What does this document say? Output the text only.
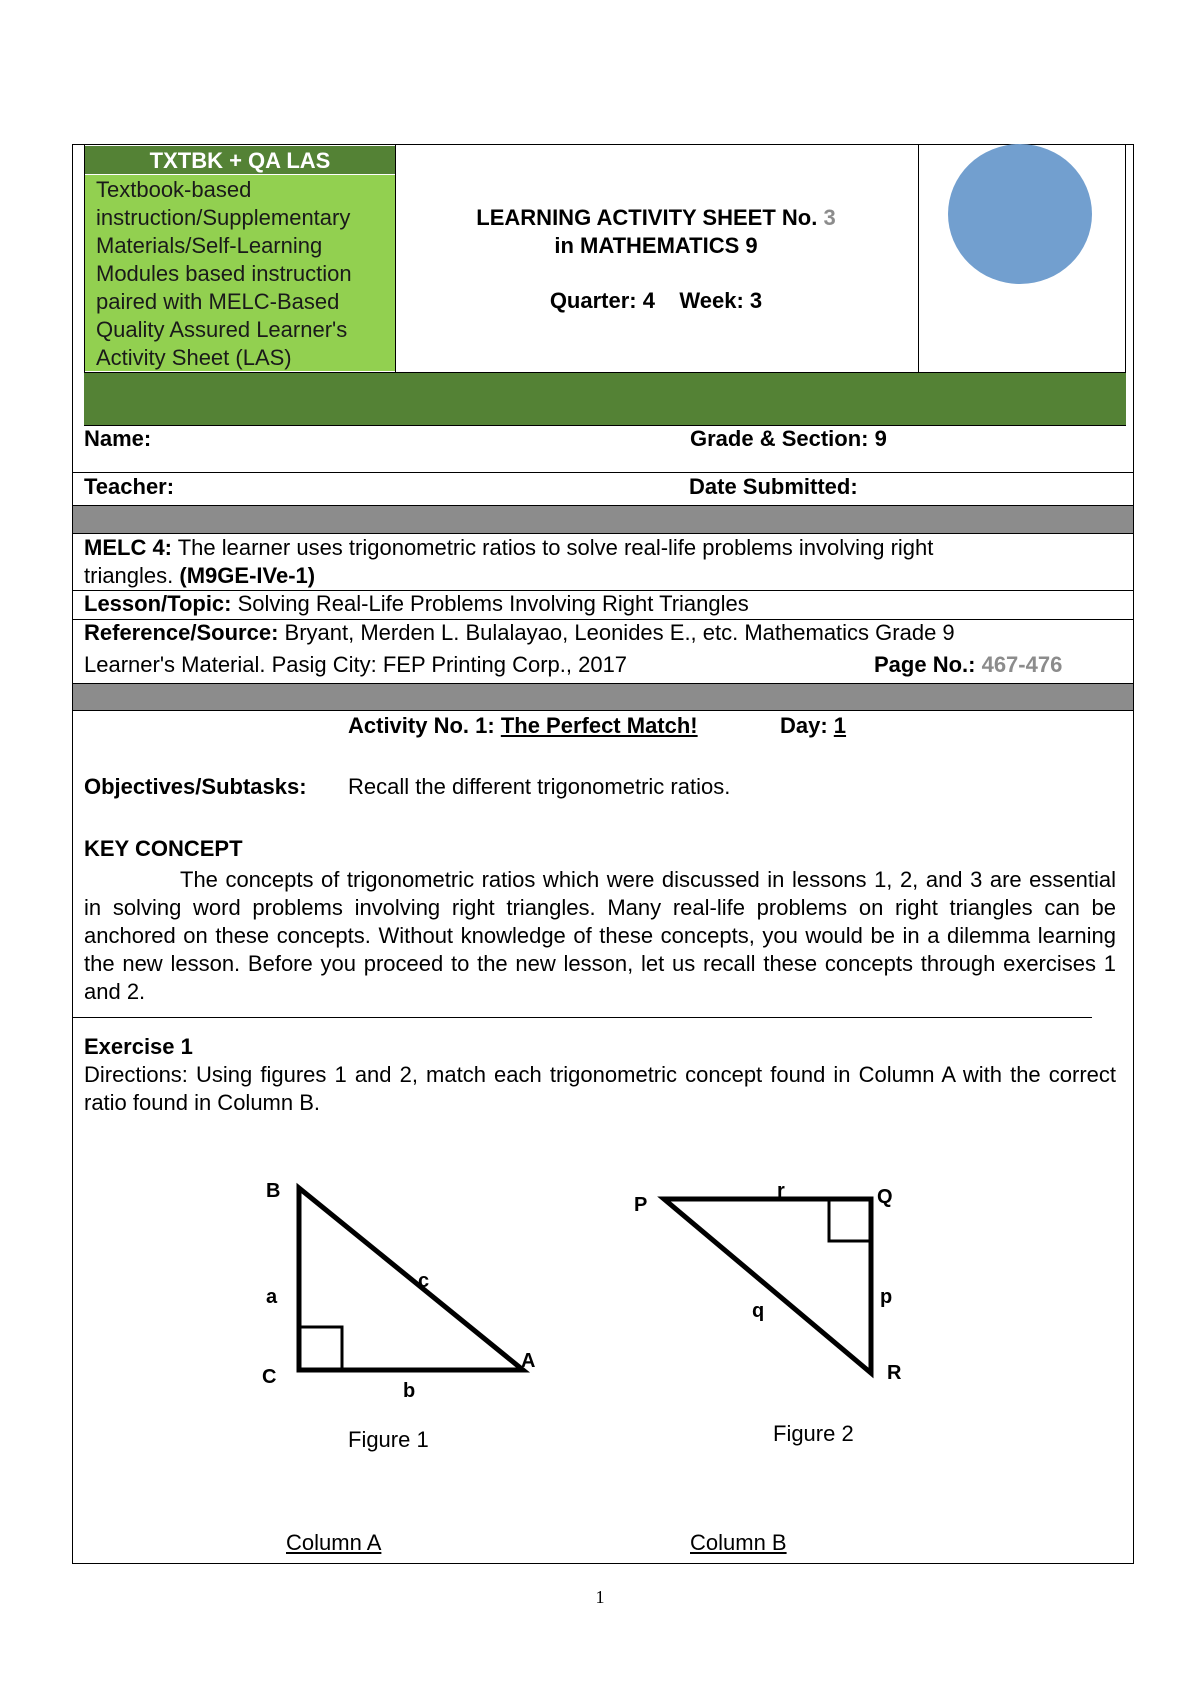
TXTBK + QA LAS
Textbook-based
instruction/Supplementary
Materials/Self-Learning
Modules based instruction
paired with MELC-Based
Quality Assured Learner's
Activity Sheet (LAS)
LEARNING ACTIVITY SHEET No. 3
in MATHEMATICS 9
Quarter: 4 Week: 3
Name:	Grade & Section: 9
Teacher:	Date Submitted:
MELC 4: The learner uses trigonometric ratios to solve real-life problems involving right
triangles. (M9GE-IVe-1)
Lesson/Topic: Solving Real-Life Problems Involving Right Triangles
Reference/Source: Bryant, Merden L. Bulalayao, Leonides E., etc. Mathematics Grade 9
Learner's Material. Pasig City: FEP Printing Corp., 2017	Page No.: 467-476
Activity No. 1: The Perfect Match!	Day: 1
Objectives/Subtasks: Recall the different trigonometric ratios.
KEY CONCEPT
The concepts of trigonometric ratios which were discussed in lessons 1, 2, and 3 are essential in solving word problems involving right triangles. Many real-life problems on right triangles can be anchored on these concepts. Without knowledge of these concepts, you would be in a dilemma learning the new lesson. Before you proceed to the new lesson, let us recall these concepts through exercises 1 and 2.
Exercise 1
Directions: Using figures 1 and 2, match each trigonometric concept found in Column A with the correct ratio found in Column B.
B
a
c
C
A
b
Figure 1
P
r	Q
p
q
R
Figure 2
Column A	Column B
1
